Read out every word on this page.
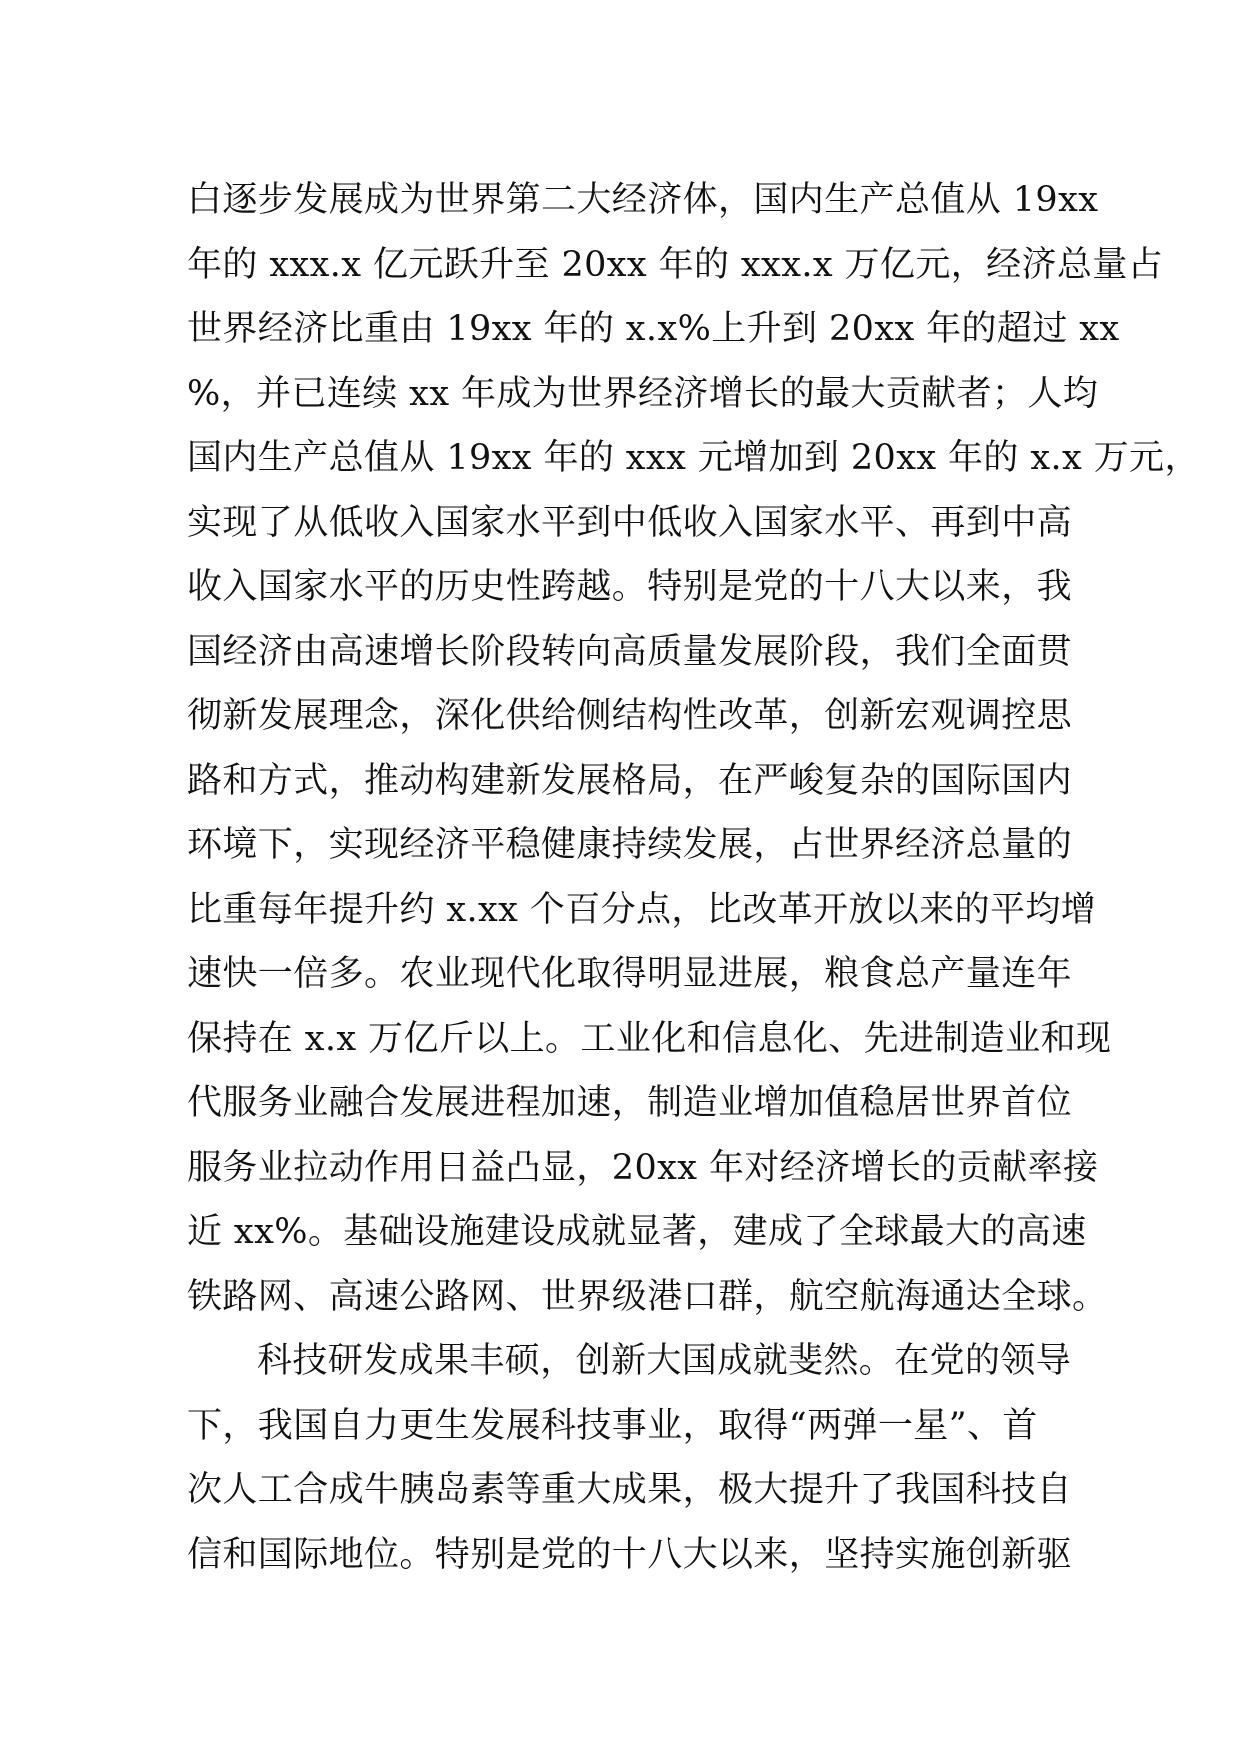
白逐步发展成为世界第二大经济体，国内生产总值从 19xx
年的 xxx.x 亿元跃升至 20xx 年的 xxx.x 万亿元，经济总量占
世界经济比重由 19xx 年的 x.x%上升到 20xx 年的超过 xx
%，并已连续 xx 年成为世界经济增长的最大贡献者；人均
国内生产总值从 19xx 年的 xxx 元增加到 20xx 年的 x.x 万元，
实现了从低收入国家水平到中低收入国家水平、再到中高
收入国家水平的历史性跨越。特别是党的十八大以来，我
国经济由高速增长阶段转向高质量发展阶段，我们全面贯
彻新发展理念，深化供给侧结构性改革，创新宏观调控思
路和方式，推动构建新发展格局，在严峻复杂的国际国内
环境下，实现经济平稳健康持续发展，占世界经济总量的
比重每年提升约 x.xx 个百分点，比改革开放以来的平均增
速快一倍多。农业现代化取得明显进展，粮食总产量连年
保持在 x.x 万亿斤以上。工业化和信息化、先进制造业和现
代服务业融合发展进程加速，制造业增加值稳居世界首位
服务业拉动作用日益凸显，20xx 年对经济增长的贡献率接
近 xx%。基础设施建设成就显著，建成了全球最大的高速
铁路网、高速公路网、世界级港口群，航空航海通达全球。
科技研发成果丰硕，创新大国成就斐然。在党的领导
下，我国自力更生发展科技事业，取得“两弹一星”、首
次人工合成牛胰岛素等重大成果，极大提升了我国科技自
信和国际地位。特别是党的十八大以来，坚持实施创新驱
